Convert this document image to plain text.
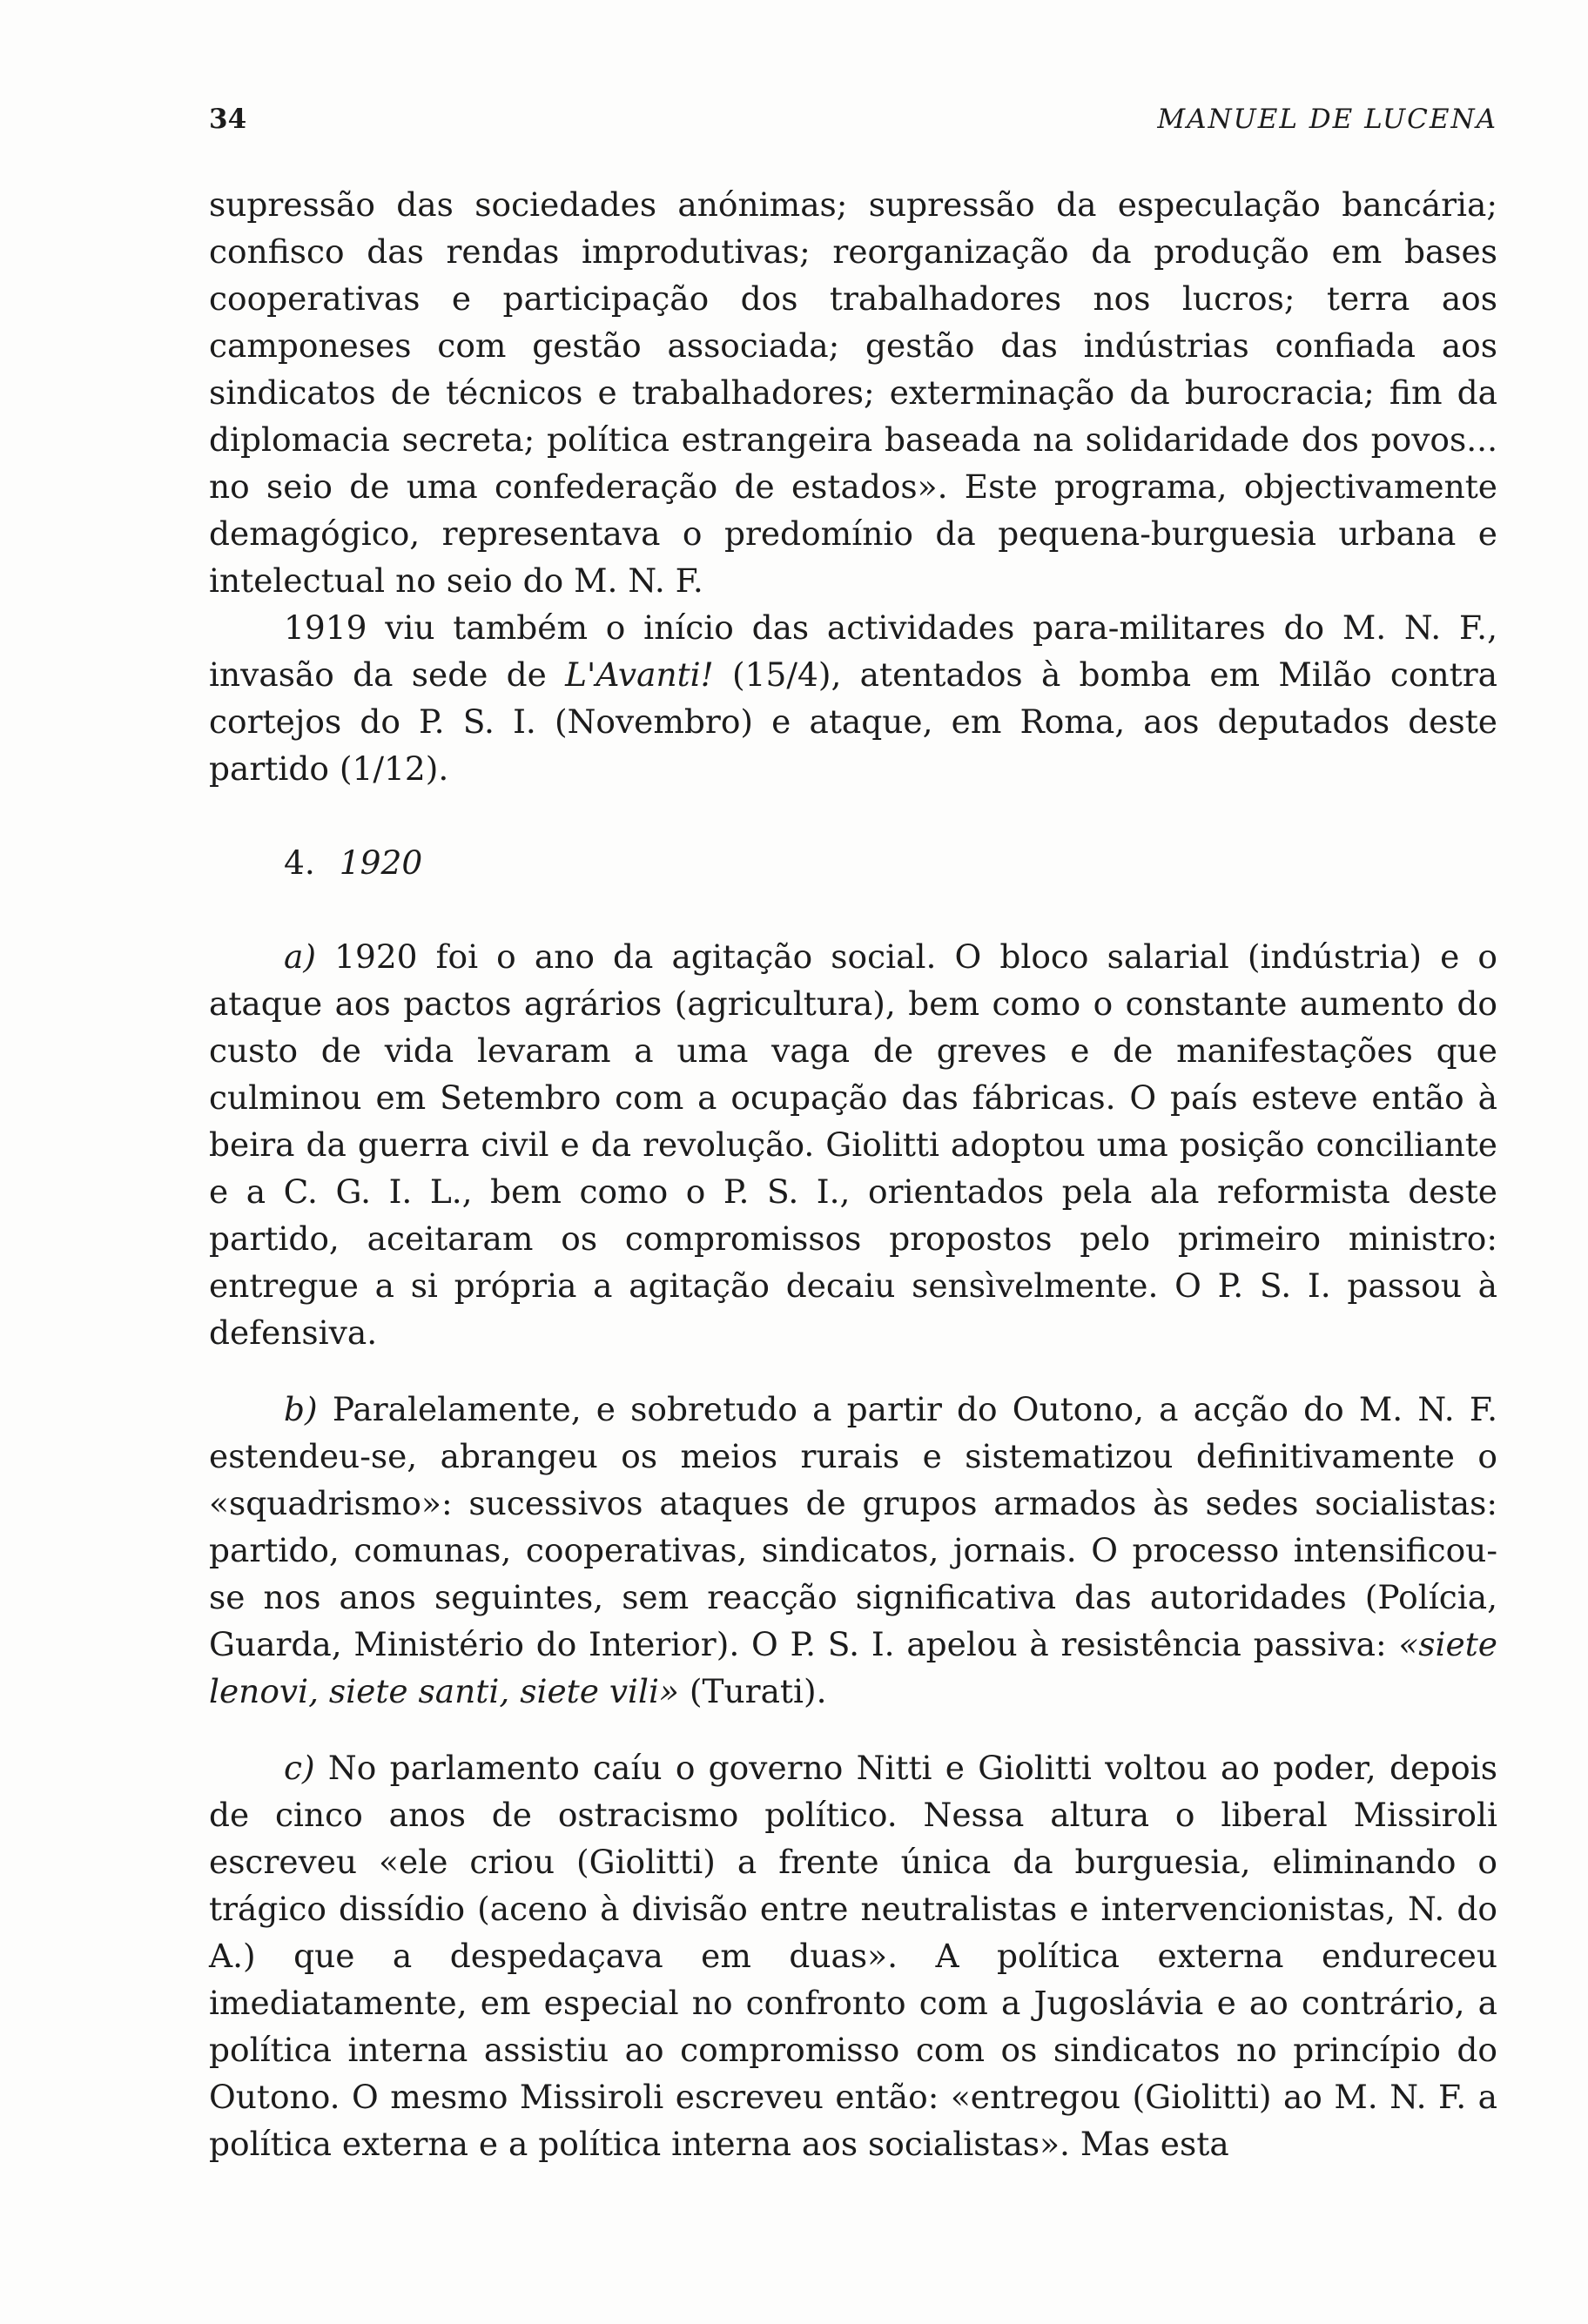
34	MANUEL DE LUCENA

supressão das sociedades anónimas; supressão da especulação bancária; confisco das rendas improdutivas; reorganização da produção em bases cooperativas e participação dos trabalhadores nos lucros; terra aos camponeses com gestão associada; gestão das indústrias confiada aos sindicatos de técnicos e trabalhadores; exterminação da burocracia; fim da diplomacia secreta; política estrangeira baseada na solidaridade dos povos... no seio de uma confederação de estados». Este programa, objectivamente demagógico, representava o predomínio da pequena-burguesia urbana e intelectual no seio do M. N. F.

1919 viu também o início das actividades para-militares do M. N. F., invasão da sede de L'Avanti! (15/4), atentados à bomba em Milão contra cortejos do P. S. I. (Novembro) e ataque, em Roma, aos deputados deste partido (1/12).

4. 1920

a) 1920 foi o ano da agitação social. O bloco salarial (indústria) e o ataque aos pactos agrários (agricultura), bem como o constante aumento do custo de vida levaram a uma vaga de greves e de manifestações que culminou em Setembro com a ocupação das fábricas. O país esteve então à beira da guerra civil e da revolução. Giolitti adoptou uma posição conciliante e a C. G. I. L., bem como o P. S. I., orientados pela ala reformista deste partido, aceitaram os compromissos propostos pelo primeiro ministro: entregue a si própria a agitação decaiu sensìvelmente. O P. S. I. passou à defensiva.

b) Paralelamente, e sobretudo a partir do Outono, a acção do M. N. F. estendeu-se, abrangeu os meios rurais e sistematizou definitivamente o «squadrismo»: sucessivos ataques de grupos armados às sedes socialistas: partido, comunas, cooperativas, sindicatos, jornais. O processo intensificou-se nos anos seguintes, sem reacção significativa das autoridades (Polícia, Guarda, Ministério do Interior). O P. S. I. apelou à resistência passiva: «siete lenovi, siete santi, siete vili» (Turati).

c) No parlamento caíu o governo Nitti e Giolitti voltou ao poder, depois de cinco anos de ostracismo político. Nessa altura o liberal Missiroli escreveu «ele criou (Giolitti) a frente única da burguesia, eliminando o trágico dissídio (aceno à divisão entre neutralistas e intervencionistas, N. do A.) que a despedaçava em duas». A política externa endureceu imediatamente, em especial no confronto com a Jugoslávia e ao contrário, a política interna assistiu ao compromisso com os sindicatos no princípio do Outono. O mesmo Missiroli escreveu então: «entregou (Giolitti) ao M. N. F. a política externa e a política interna aos socialistas». Mas esta
